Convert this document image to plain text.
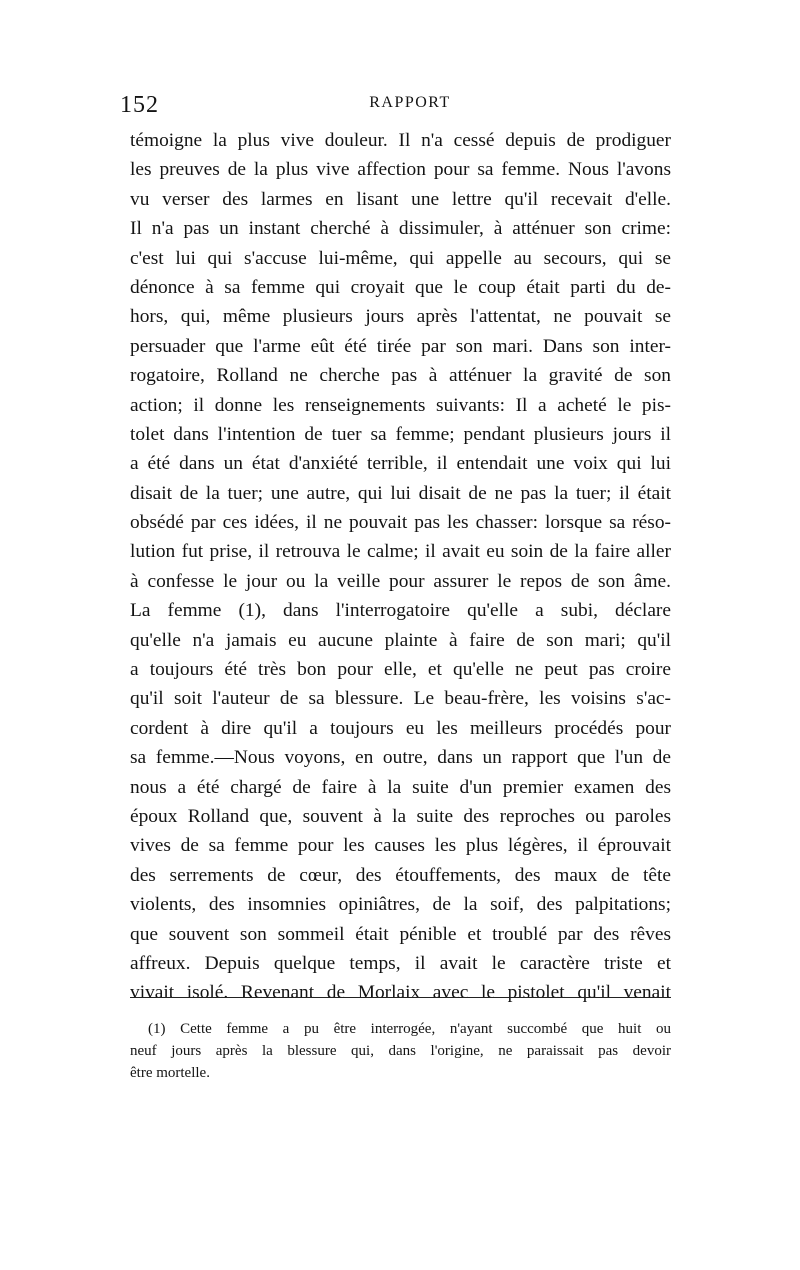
152	RAPPORT
témoigne la plus vive douleur. Il n'a cessé depuis de prodiguer
les preuves de la plus vive affection pour sa femme. Nous l'avons
vu verser des larmes en lisant une lettre qu'il recevait d'elle.
Il n'a pas un instant cherché à dissimuler, à atténuer son crime:
c'est lui qui s'accuse lui-même, qui appelle au secours, qui se
dénonce à sa femme qui croyait que le coup était parti du de-
hors, qui, même plusieurs jours après l'attentat, ne pouvait se
persuader que l'arme eût été tirée par son mari. Dans son inter-
rogatoire, Rolland ne cherche pas à atténuer la gravité de son
action; il donne les renseignements suivants: Il a acheté le pis-
tolet dans l'intention de tuer sa femme; pendant plusieurs jours il
a été dans un état d'anxiété terrible, il entendait une voix qui lui
disait de la tuer; une autre, qui lui disait de ne pas la tuer; il était
obsédé par ces idées, il ne pouvait pas les chasser: lorsque sa réso-
lution fut prise, il retrouva le calme; il avait eu soin de la faire aller
à confesse le jour ou la veille pour assurer le repos de son âme.
La femme (1), dans l'interrogatoire qu'elle a subi, déclare
qu'elle n'a jamais eu aucune plainte à faire de son mari; qu'il
a toujours été très bon pour elle, et qu'elle ne peut pas croire
qu'il soit l'auteur de sa blessure. Le beau-frère, les voisins s'ac-
cordent à dire qu'il a toujours eu les meilleurs procédés pour
sa femme.—Nous voyons, en outre, dans un rapport que l'un de
nous a été chargé de faire à la suite d'un premier examen des
époux Rolland que, souvent à la suite des reproches ou paroles
vives de sa femme pour les causes les plus légères, il éprouvait
des serrements de cœur, des étouffements, des maux de tête
violents, des insomnies opiniâtres, de la soif, des palpitations;
que souvent son sommeil était pénible et troublé par des rêves
affreux. Depuis quelque temps, il avait le caractère triste et
vivait isolé. Revenant de Morlaix avec le pistolet qu'il venait
(1) Cette femme a pu être interrogée, n'ayant succombé que huit ou
neuf jours après la blessure qui, dans l'origine, ne paraissait pas devoir
être mortelle.
